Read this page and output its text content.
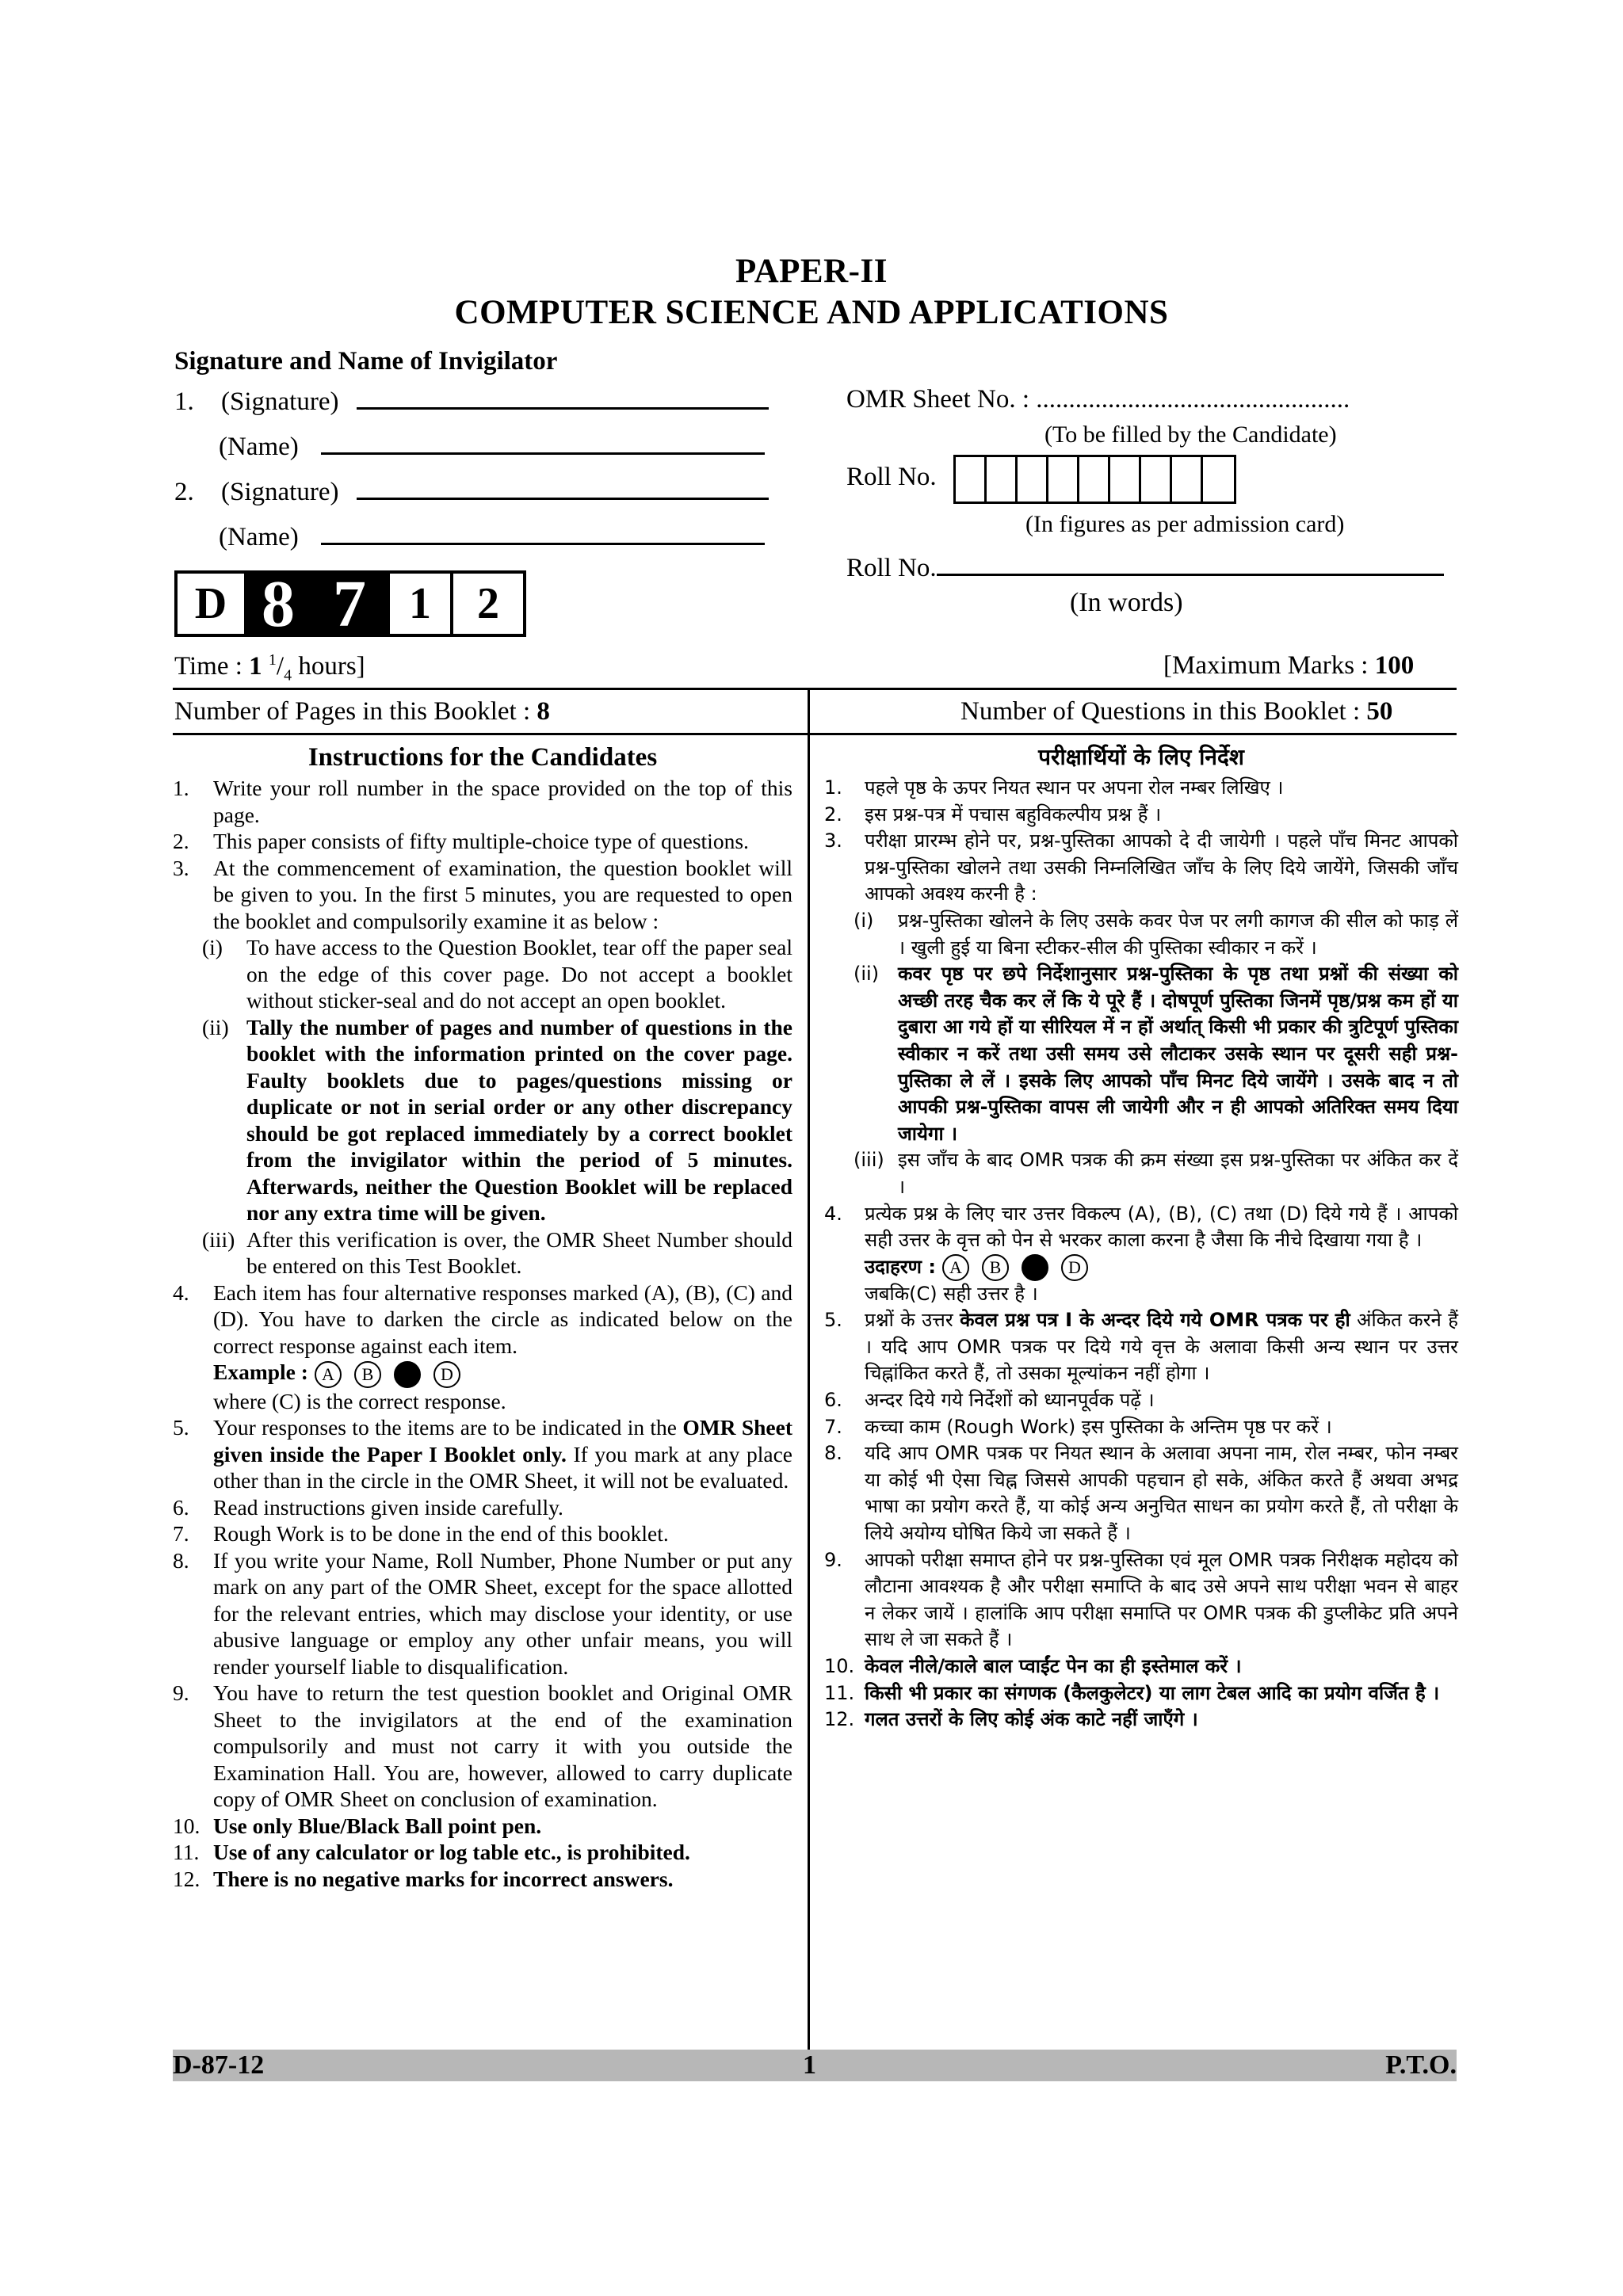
PAPER-II
COMPUTER SCIENCE AND APPLICATIONS
Signature and Name of Invigilator
1. (Signature)
(Name)
2. (Signature)
(Name)
OMR Sheet No. : ................................................
(To be filled by the Candidate)
Roll No.
(In figures as per admission card)
Roll No.
(In words)
D 8 7 1	2
Time : 1 $^1/_4$ hours]	[Maximum Marks : 100
Number of Pages in this Booklet : 8	Number of Questions in this Booklet : 50
Instructions for the Candidates
1. Write your roll number in the space provided on the top of this page.
2. This paper consists of fifty multiple-choice type of questions.
3. At the commencement of examination, the question booklet will be given to you. In the first 5 minutes, you are requested to open the booklet and compulsorily examine it as below :
(i) To have access to the Question Booklet, tear off the paper seal on the edge of this cover page. Do not accept a booklet without sticker-seal and do not accept an open booklet.
(ii) Tally the number of pages and number of questions in the booklet with the information printed on the cover page. Faulty booklets due to pages/questions missing or duplicate or not in serial order or any other discrepancy should be got replaced immediately by a correct booklet from the invigilator within the period of 5 minutes. Afterwards, neither the Question Booklet will be replaced nor any extra time will be given.
(iii) After this verification is over, the OMR Sheet Number should be entered on this Test Booklet.
4. Each item has four alternative responses marked (A), (B), (C) and (D). You have to darken the circle as indicated below on the correct response against each item.
Example : A B	D
where (C) is the correct response.
5. Your responses to the items are to be indicated in the OMR Sheet given inside the Paper I Booklet only. If you mark at any place other than in the circle in the OMR Sheet, it will not be evaluated.
6. Read instructions given inside carefully.
7. Rough Work is to be done in the end of this booklet.
8. If you write your Name, Roll Number, Phone Number or put any mark on any part of the OMR Sheet, except for the space allotted for the relevant entries, which may disclose your identity, or use abusive language or employ any other unfair means, you will render yourself liable to disqualification.
9. You have to return the test question booklet and Original OMR Sheet to the invigilators at the end of the examination compulsorily and must not carry it with you outside the Examination Hall. You are, however, allowed to carry duplicate copy of OMR Sheet on conclusion of examination.
10. Use only Blue/Black Ball point pen.
11. Use of any calculator or log table etc., is prohibited.
12. There is no negative marks for incorrect answers.
परीक्षार्थियों के लिए निर्देश
1. पहले पृष्ठ के ऊपर नियत स्थान पर अपना रोल नम्बर लिखिए ।
2. इस प्रश्न-पत्र में पचास बहुविकल्पीय प्रश्न हैं ।
3. परीक्षा प्रारम्भ होने पर, प्रश्न-पुस्तिका आपको दे दी जायेगी । पहले पाँच मिनट आपको प्रश्न-पुस्तिका खोलने तथा उसकी निम्नलिखित जाँच के लिए दिये जायेंगे, जिसकी जाँच आपको अवश्य करनी है :
(i) प्रश्न-पुस्तिका खोलने के लिए उसके कवर पेज पर लगी कागज की सील को फाड़ लें । खुली हुई या बिना स्टीकर-सील की पुस्तिका स्वीकार न करें ।
(ii) कवर पृष्ठ पर छपे निर्देशानुसार प्रश्न-पुस्तिका के पृष्ठ तथा प्रश्नों की संख्या को अच्छी तरह चैक कर लें कि ये पूरे हैं । दोषपूर्ण पुस्तिका जिनमें पृष्ठ/प्रश्न कम हों या दुबारा आ गये हों या सीरियल में न हों अर्थात् किसी भी प्रकार की त्रुटिपूर्ण पुस्तिका स्वीकार न करें तथा उसी समय उसे लौटाकर उसके स्थान पर दूसरी सही प्रश्न-पुस्तिका ले लें । इसके लिए आपको पाँच मिनट दिये जायेंगे । उसके बाद न तो आपकी प्रश्न-पुस्तिका वापस ली जायेगी और न ही आपको अतिरिक्त समय दिया जायेगा ।
(iii) इस जाँच के बाद OMR पत्रक की क्रम संख्या इस प्रश्न-पुस्तिका पर अंकित कर दें ।
4. प्रत्येक प्रश्न के लिए चार उत्तर विकल्प (A), (B), (C) तथा (D) दिये गये हैं । आपको सही उत्तर के वृत्त को पेन से भरकर काला करना है जैसा कि नीचे दिखाया गया है ।
उदाहरण : A B	D
जबकि(C) सही उत्तर है ।
5. प्रश्नों के उत्तर केवल प्रश्न पत्र I के अन्दर दिये गये OMR पत्रक पर ही अंकित करने हैं । यदि आप OMR पत्रक पर दिये गये वृत्त के अलावा किसी अन्य स्थान पर उत्तर चिह्नांकित करते हैं, तो उसका मूल्यांकन नहीं होगा ।
6. अन्दर दिये गये निर्देशों को ध्यानपूर्वक पढ़ें ।
7. कच्चा काम (Rough Work) इस पुस्तिका के अन्तिम पृष्ठ पर करें ।
8. यदि आप OMR पत्रक पर नियत स्थान के अलावा अपना नाम, रोल नम्बर, फोन नम्बर या कोई भी ऐसा चिह्न जिससे आपकी पहचान हो सके, अंकित करते हैं अथवा अभद्र भाषा का प्रयोग करते हैं, या कोई अन्य अनुचित साधन का प्रयोग करते हैं, तो परीक्षा के लिये अयोग्य घोषित किये जा सकते हैं ।
9. आपको परीक्षा समाप्त होने पर प्रश्न-पुस्तिका एवं मूल OMR पत्रक निरीक्षक महोदय को लौटाना आवश्यक है और परीक्षा समाप्ति के बाद उसे अपने साथ परीक्षा भवन से बाहर न लेकर जायें । हालांकि आप परीक्षा समाप्ति पर OMR पत्रक की डुप्लीकेट प्रति अपने साथ ले जा सकते हैं ।
10. केवल नीले/काले बाल प्वाईंट पेन का ही इस्तेमाल करें ।
11. किसी भी प्रकार का संगणक (कैलकुलेटर) या लाग टेबल आदि का प्रयोग वर्जित है ।
12. गलत उत्तरों के लिए कोई अंक काटे नहीं जाएँगे ।
D-87-12	1	P.T.O.
